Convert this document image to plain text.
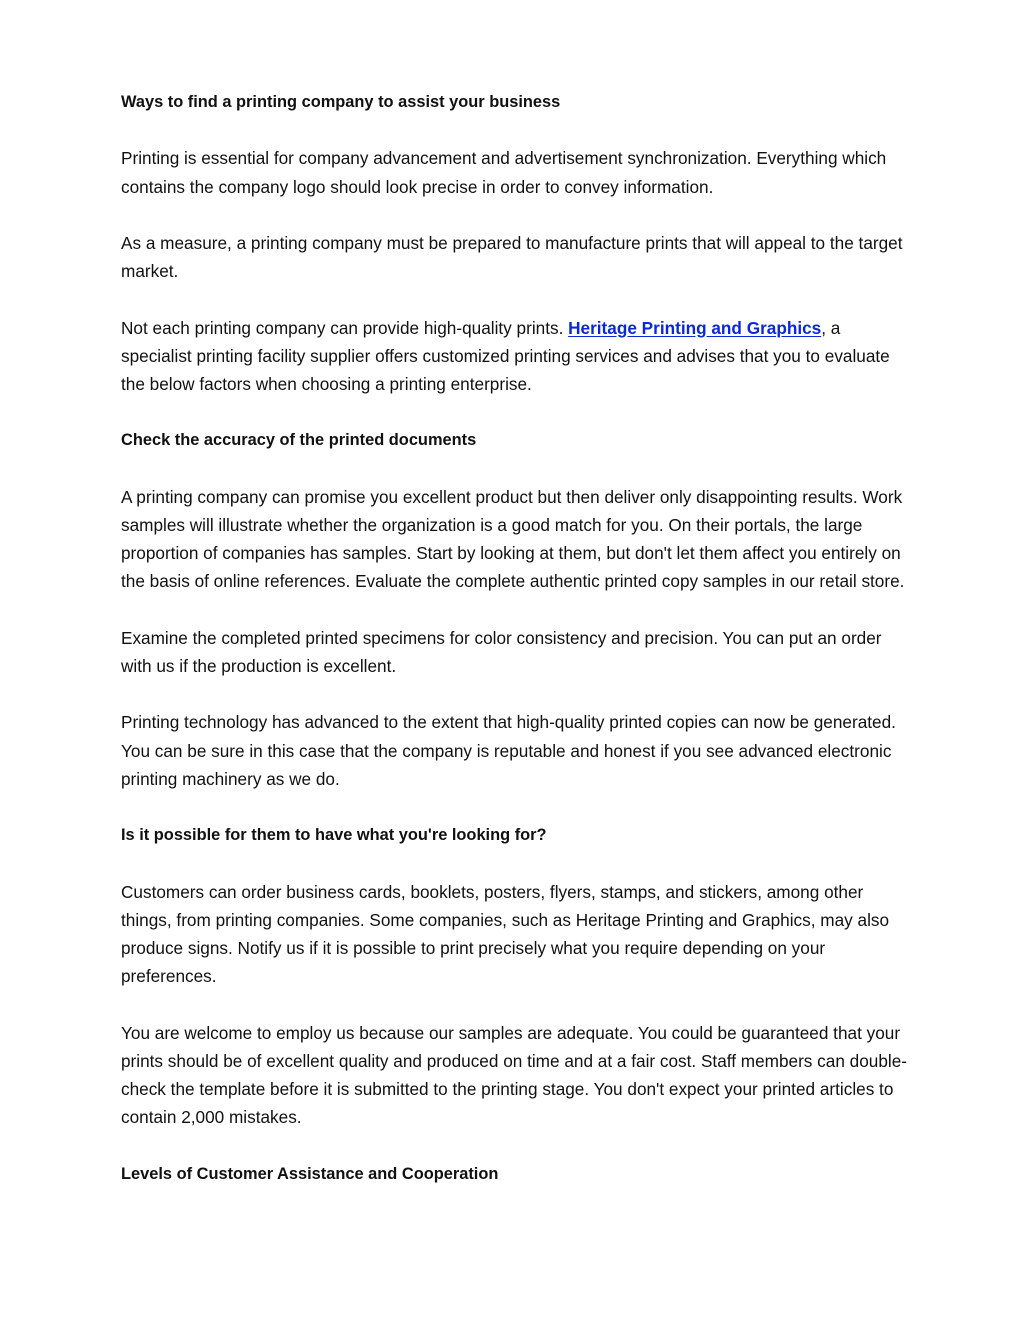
Ways to find a printing company to assist your business

Printing is essential for company advancement and advertisement synchronization. Everything which contains the company logo should look precise in order to convey information.

As a measure, a printing company must be prepared to manufacture prints that will appeal to the target market.

Not each printing company can provide high-quality prints. Heritage Printing and Graphics, a specialist printing facility supplier offers customized printing services and advises that you to evaluate the below factors when choosing a printing enterprise.

Check the accuracy of the printed documents

A printing company can promise you excellent product but then deliver only disappointing results. Work samples will illustrate whether the organization is a good match for you. On their portals, the large proportion of companies has samples. Start by looking at them, but don't let them affect you entirely on the basis of online references. Evaluate the complete authentic printed copy samples in our retail store.

Examine the completed printed specimens for color consistency and precision. You can put an order with us if the production is excellent.

Printing technology has advanced to the extent that high-quality printed copies can now be generated. You can be sure in this case that the company is reputable and honest if you see advanced electronic printing machinery as we do.

Is it possible for them to have what you're looking for?

Customers can order business cards, booklets, posters, flyers, stamps, and stickers, among other things, from printing companies. Some companies, such as Heritage Printing and Graphics, may also produce signs. Notify us if it is possible to print precisely what you require depending on your preferences.

You are welcome to employ us because our samples are adequate. You could be guaranteed that your prints should be of excellent quality and produced on time and at a fair cost. Staff members can double-check the template before it is submitted to the printing stage. You don't expect your printed articles to contain 2,000 mistakes.

Levels of Customer Assistance and Cooperation
